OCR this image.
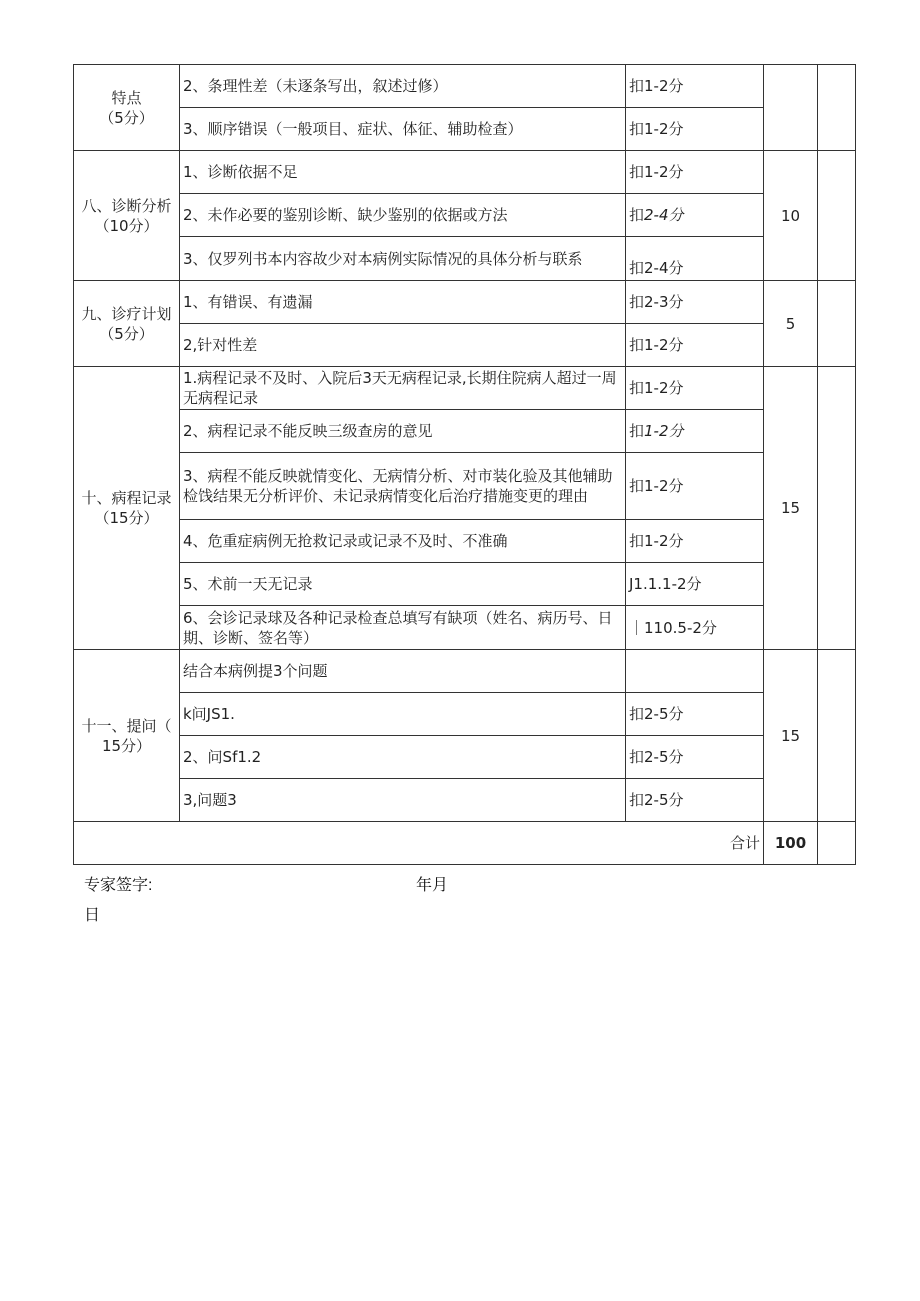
特点
（5分）	2、条理性差（未逐条写出，叙述过修）	扣1-2分		
	3、顺序错误（一般项目、症状、体征、辅助检查）	扣1-2分		

八、诊断分析
（10分）	1、诊断依据不足	扣1-2分	10	
	2、未作必要的鉴别诊断、缺少鉴别的依据或方法	扣2-4分		
	3、仅罗列书本内容故少对本病例实际情况的具体分析与联系	扣2-4分		

九、诊疗计划
（5分）	1、有错误、有遗漏	扣2-3分	5	
	2,针对性差	扣1-2分		

十、病程记录
（15分）	1.病程记录不及时、入院后3天无病程记录,长期住院病人超过一周无病程记录	扣1-2分	15	
	2、病程记录不能反映三级查房的意见	扣1-2分		
	3、病程不能反映就情变化、无病情分析、对市装化验及其他辅助检饯结果无分析评价、未记录病情变化后治疗措施变更的理由	扣1-2分		
	4、危重症病例无抢救记录或记录不及时、不准确	扣1-2分		
	5、术前一天无记录	J1.1.1-2分		
	6、会诊记录球及各种记录检查总填写有缺项（姓名、病历号、日期、诊断、签名等）	｜110.5-2分		

十一、提问（
15分）	结合本病例提3个问题		15	
	k问JS1.	扣2-5分		
	2、问Sf1.2	扣2-5分		
	3,问题3	扣2-5分		
合计			100	
专家签字:	年月
日
